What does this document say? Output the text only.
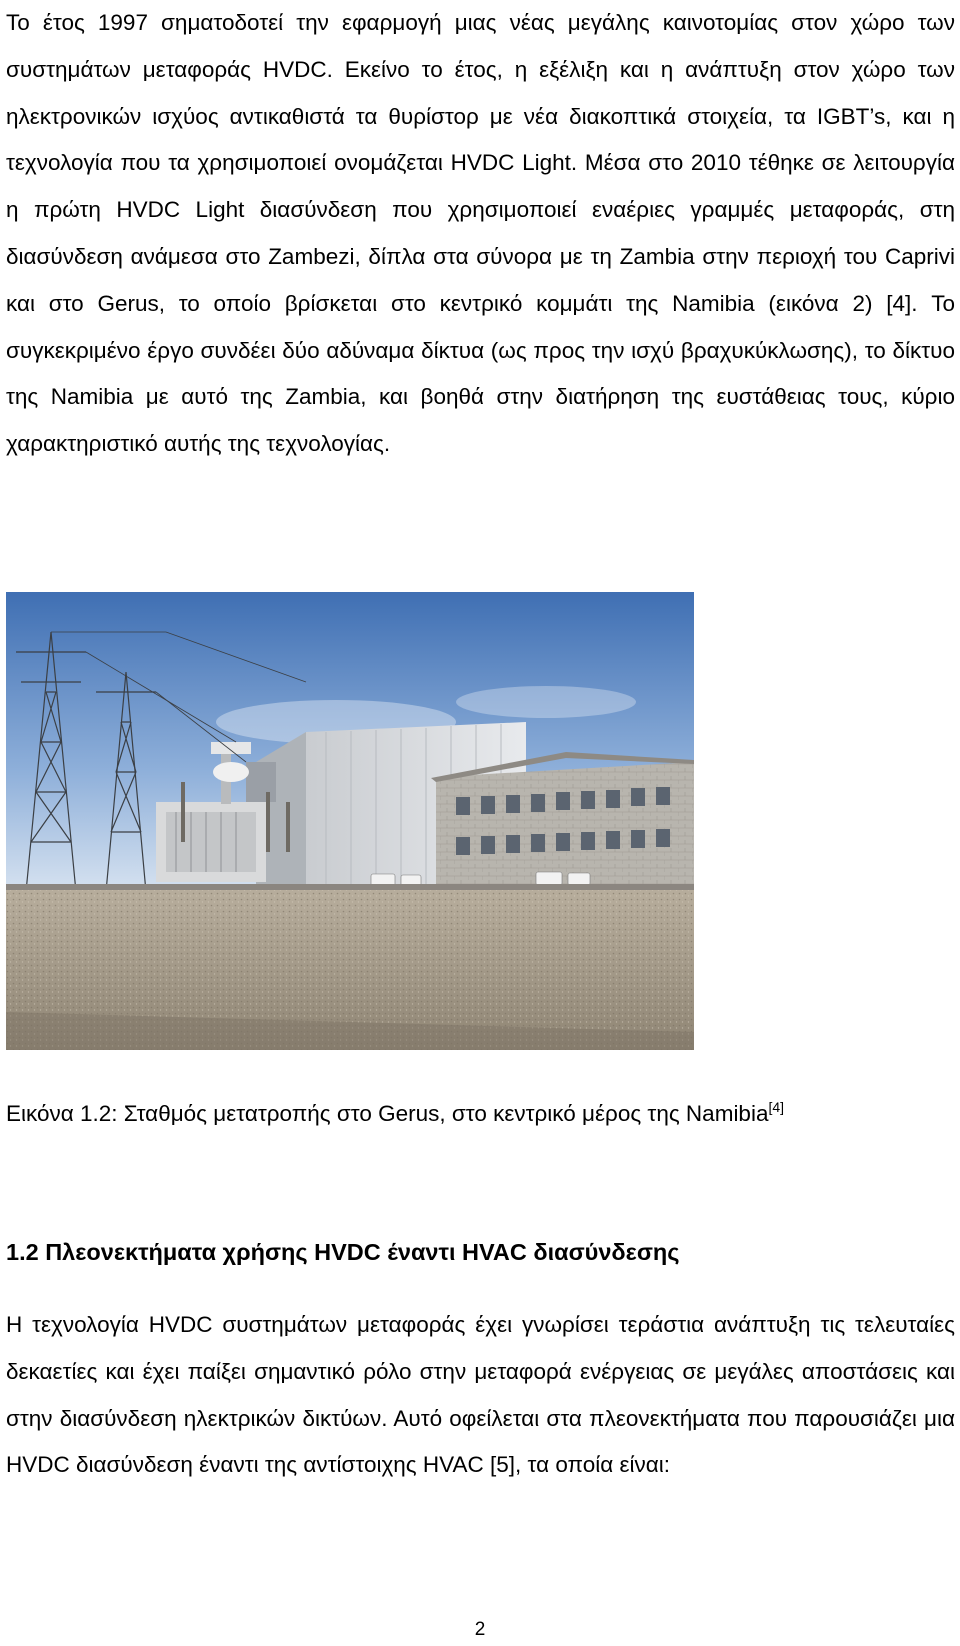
Το έτος 1997 σηματοδοτεί την εφαρμογή μιας νέας μεγάλης καινοτομίας στον χώρο των συστημάτων μεταφοράς HVDC. Εκείνο το έτος, η εξέλιξη και η ανάπτυξη στον χώρο των ηλεκτρονικών ισχύος αντικαθιστά τα θυρίστορ με νέα διακοπτικά στοιχεία, τα IGBT’s, και η τεχνολογία που τα χρησιμοποιεί ονομάζεται HVDC Light. Μέσα στο 2010 τέθηκε σε λειτουργία η πρώτη HVDC Light διασύνδεση που χρησιμοποιεί εναέριες γραμμές μεταφοράς, στη διασύνδεση ανάμεσα στο Zambezi, δίπλα στα σύνορα με τη Zambia στην περιοχή του Caprivi και στο Gerus, το οποίο βρίσκεται στο κεντρικό κομμάτι της Namibia (εικόνα 2) [4]. Το συγκεκριμένο έργο συνδέει δύο αδύναμα δίκτυα (ως προς την ισχύ βραχυκύκλωσης), το δίκτυο της Namibia με αυτό της Zambia, και βοηθά στην διατήρηση της ευστάθειας τους, κύριο χαρακτηριστικό αυτής της τεχνολογίας.

Εικόνα 1.2: Σταθμός μετατροπής στο Gerus, στο κεντρικό μέρος της Namibia[4]

1.2 Πλεονεκτήματα χρήσης HVDC έναντι HVAC διασύνδεσης

Η τεχνολογία HVDC συστημάτων μεταφοράς έχει γνωρίσει τεράστια ανάπτυξη τις τελευταίες δεκαετίες και έχει παίξει σημαντικό ρόλο στην μεταφορά ενέργειας σε μεγάλες αποστάσεις και στην διασύνδεση ηλεκτρικών δικτύων. Αυτό οφείλεται στα πλεονεκτήματα που παρουσιάζει μια HVDC διασύνδεση έναντι της αντίστοιχης HVAC [5], τα οποία είναι:

2
